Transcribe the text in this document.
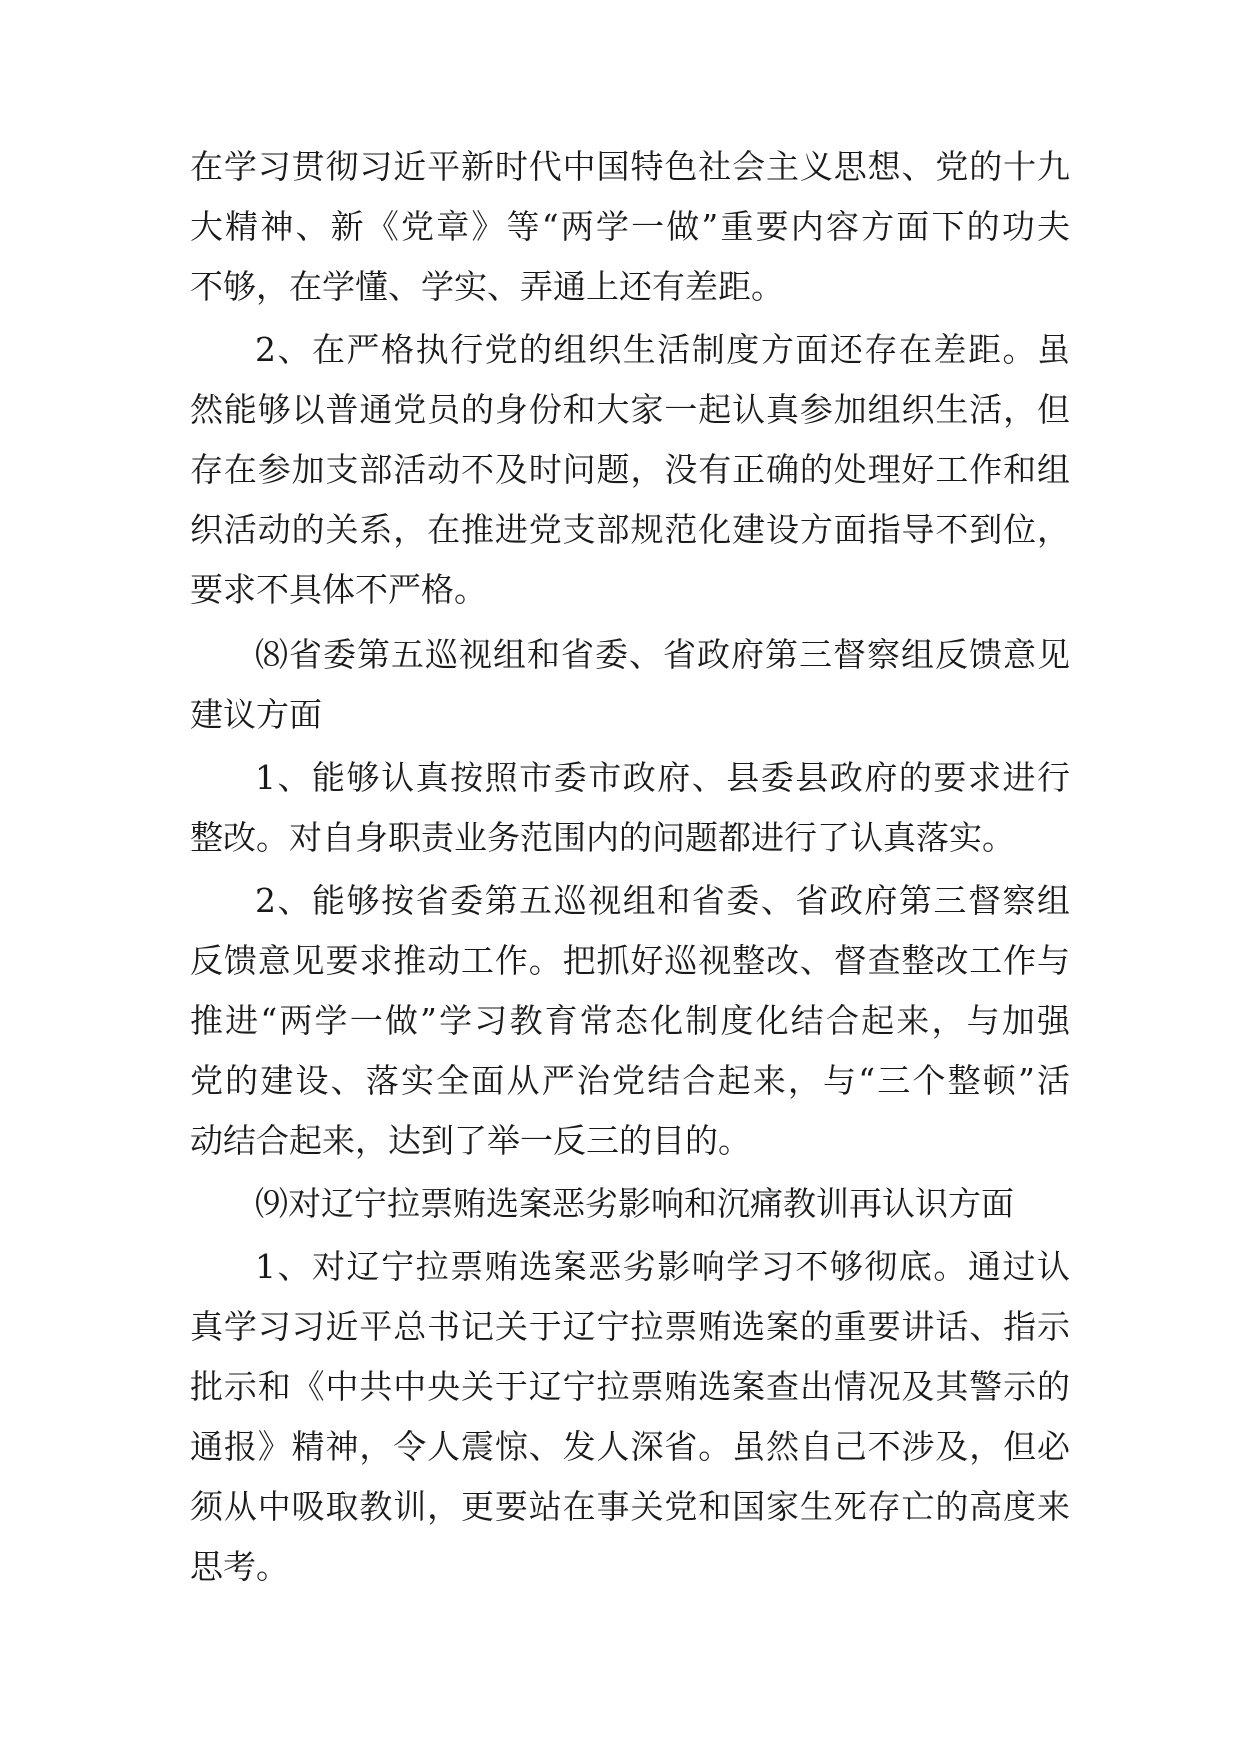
在学习贯彻习近平新时代中国特色社会主义思想、党的十九
大精神、新《党章》等“两学一做”重要内容方面下的功夫
不够，在学懂、学实、弄通上还有差距。
2、在严格执行党的组织生活制度方面还存在差距。虽
然能够以普通党员的身份和大家一起认真参加组织生活，但
存在参加支部活动不及时问题，没有正确的处理好工作和组
织活动的关系，在推进党支部规范化建设方面指导不到位，
要求不具体不严格。
⑻省委第五巡视组和省委、省政府第三督察组反馈意见
建议方面
1、能够认真按照市委市政府、县委县政府的要求进行
整改。对自身职责业务范围内的问题都进行了认真落实。
2、能够按省委第五巡视组和省委、省政府第三督察组
反馈意见要求推动工作。把抓好巡视整改、督查整改工作与
推进“两学一做”学习教育常态化制度化结合起来，与加强
党的建设、落实全面从严治党结合起来，与“三个整顿”活
动结合起来，达到了举一反三的目的。
⑼对辽宁拉票贿选案恶劣影响和沉痛教训再认识方面
1、对辽宁拉票贿选案恶劣影响学习不够彻底。通过认
真学习习近平总书记关于辽宁拉票贿选案的重要讲话、指示
批示和《中共中央关于辽宁拉票贿选案查出情况及其警示的
通报》精神，令人震惊、发人深省。虽然自己不涉及，但必
须从中吸取教训，更要站在事关党和国家生死存亡的高度来
思考。
